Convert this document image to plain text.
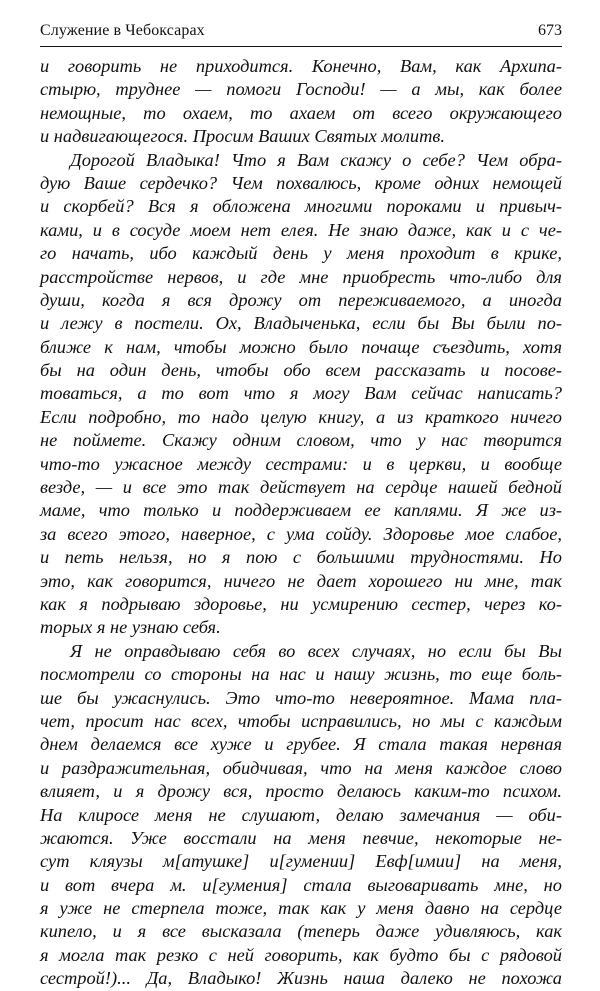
Служение в Чебоксарах	673
и говорить не приходится. Конечно, Вам, как Архипа-
стырю, труднее — помоги Господи! — а мы, как более
немощные, то охаем, то ахаем от всего окружающего
и надвигающегося. Просим Ваших Святых молитв.
Дорогой Владыка! Что я Вам скажу о себе? Чем обра-
дую Ваше сердечко? Чем похвалюсь, кроме одних немощей
и скорбей? Вся я обложена многими пороками и привыч-
ками, и в сосуде моем нет елея. Не знаю даже, как и с че-
го начать, ибо каждый день у меня проходит в крике,
расстройстве нервов, и где мне приобресть что-либо для
души, когда я вся дрожу от переживаемого, а иногда
и лежу в постели. Ох, Владыченька, если бы Вы были по-
ближе к нам, чтобы можно было почаще съездить, хотя
бы на один день, чтобы обо всем рассказать и посове-
товаться, а то вот что я могу Вам сейчас написать?
Если подробно, то надо целую книгу, а из краткого ничего
не поймете. Скажу одним словом, что у нас творится
что-то ужасное между сестрами: и в церкви, и вообще
везде, — и все это так действует на сердце нашей бедной
маме, что только и поддерживаем ее каплями. Я же из-
за всего этого, наверное, с ума сойду. Здоровье мое слабое,
и петь нельзя, но я пою с большими трудностями. Но
это, как говорится, ничего не дает хорошего ни мне, так
как я подрываю здоровье, ни усмирению сестер, через ко-
торых я не узнаю себя.
Я не оправдываю себя во всех случаях, но если бы Вы
посмотрели со стороны на нас и нашу жизнь, то еще боль-
ше бы ужаснулись. Это что-то невероятное. Мама пла-
чет, просит нас всех, чтобы исправились, но мы с каждым
днем делаемся все хуже и грубее. Я стала такая нервная
и раздражительная, обидчивая, что на меня каждое слово
влияет, и я дрожу вся, просто делаюсь каким-то психом.
На клиросе меня не слушают, делаю замечания — оби-
жаются. Уже восстали на меня певчие, некоторые не-
сут кляузы м[атушке] и[гумении] Евф[имии] на меня,
и вот вчера м. и[гумения] стала выговаривать мне, но
я уже не стерпела тоже, так как у меня давно на сердце
кипело, и я все высказала (теперь даже удивляюсь, как
я могла так резко с ней говорить, как будто бы с рядовой
сестрой!)... Да, Владыко! Жизнь наша далеко не похожа
